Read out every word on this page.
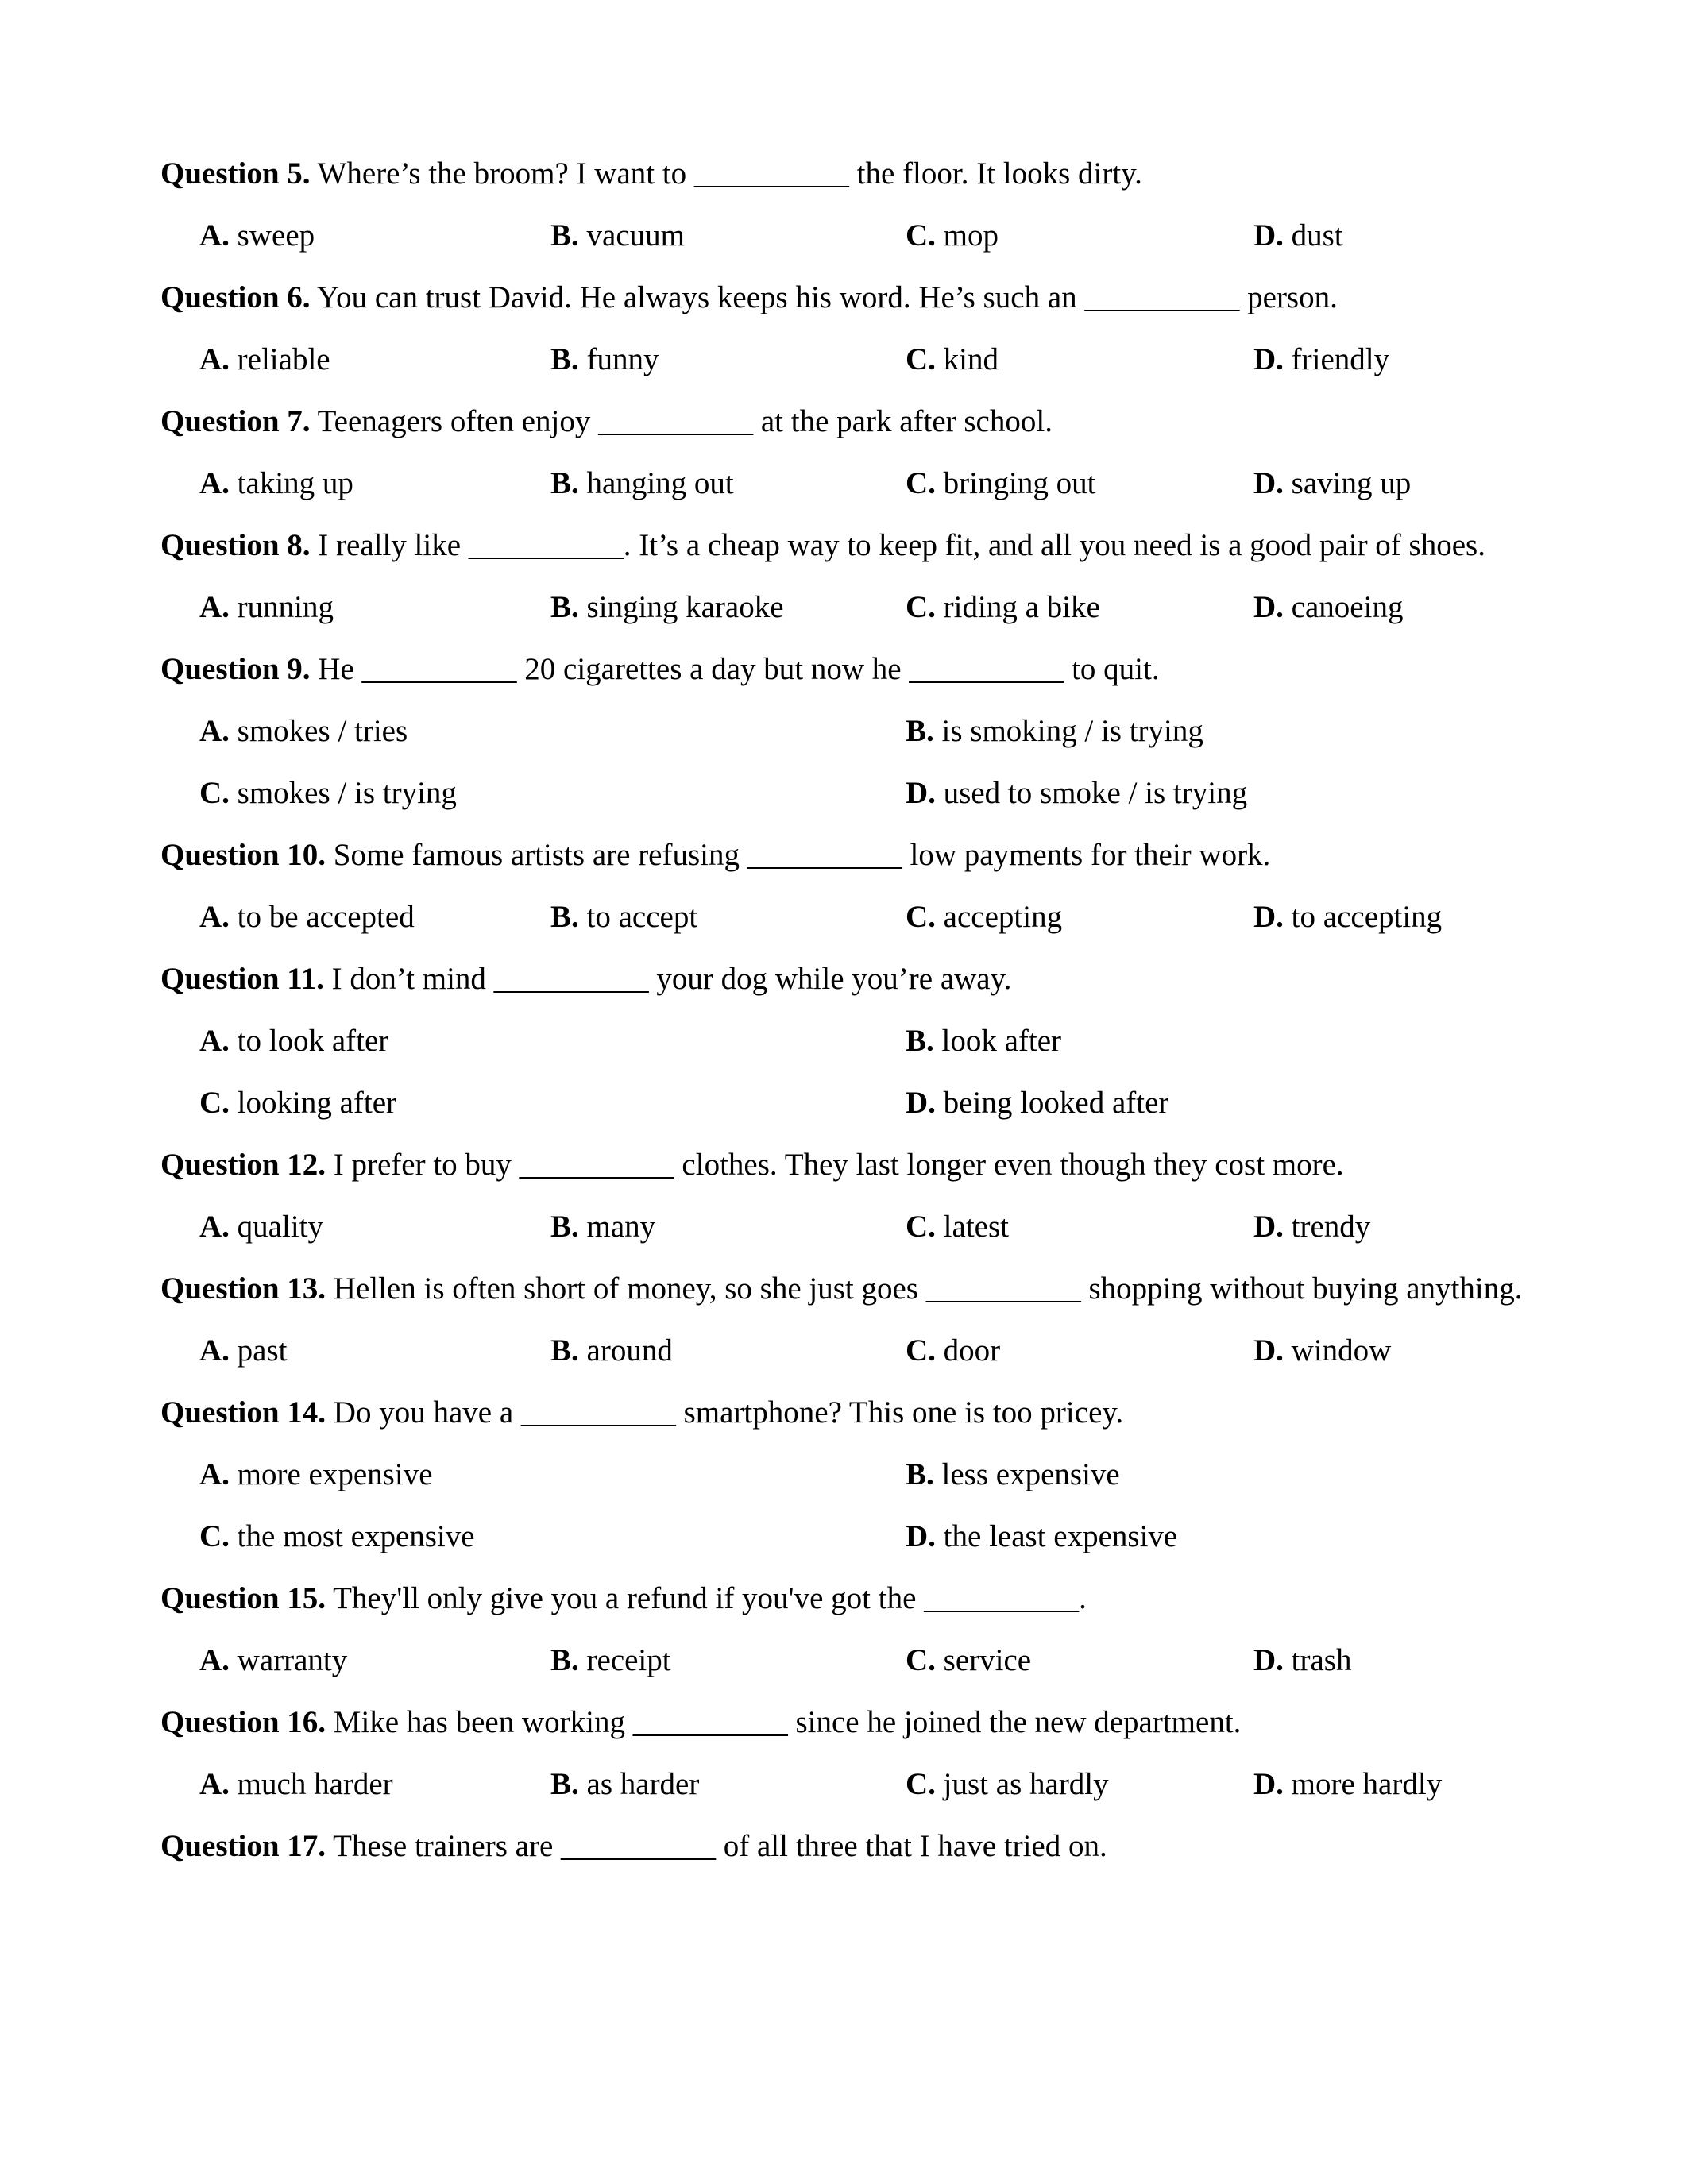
Question 5. Where’s the broom? I want to __________ the floor. It looks dirty.

A. sweep	B. vacuum	C. mop	D. dust

Question 6. You can trust David. He always keeps his word. He’s such an __________ person.

A. reliable	B. funny	C. kind	D. friendly

Question 7. Teenagers often enjoy __________ at the park after school.

A. taking up	B. hanging out	C. bringing out	D. saving up

Question 8. I really like __________. It’s a cheap way to keep fit, and all you need is a good pair of shoes.

A. running	B. singing karaoke	C. riding a bike	D. canoeing

Question 9. He __________ 20 cigarettes a day but now he __________ to quit.

A. smokes / tries	B. is smoking / is trying
C. smokes / is trying	D. used to smoke / is trying

Question 10. Some famous artists are refusing __________ low payments for their work.

A. to be accepted	B. to accept	C. accepting	D. to accepting

Question 11. I don’t mind __________ your dog while you’re away.

A. to look after	B. look after
C. looking after	D. being looked after

Question 12. I prefer to buy __________ clothes. They last longer even though they cost more.

A. quality	B. many	C. latest	D. trendy

Question 13. Hellen is often short of money, so she just goes __________ shopping without buying anything.

A. past	B. around	C. door	D. window

Question 14. Do you have a __________ smartphone? This one is too pricey.

A. more expensive	B. less expensive
C. the most expensive	D. the least expensive

Question 15. They'll only give you a refund if you've got the __________.

A. warranty	B. receipt	C. service	D. trash

Question 16. Mike has been working __________ since he joined the new department.

A. much harder	B. as harder	C. just as hardly	D. more hardly

Question 17. These trainers are __________ of all three that I have tried on.
